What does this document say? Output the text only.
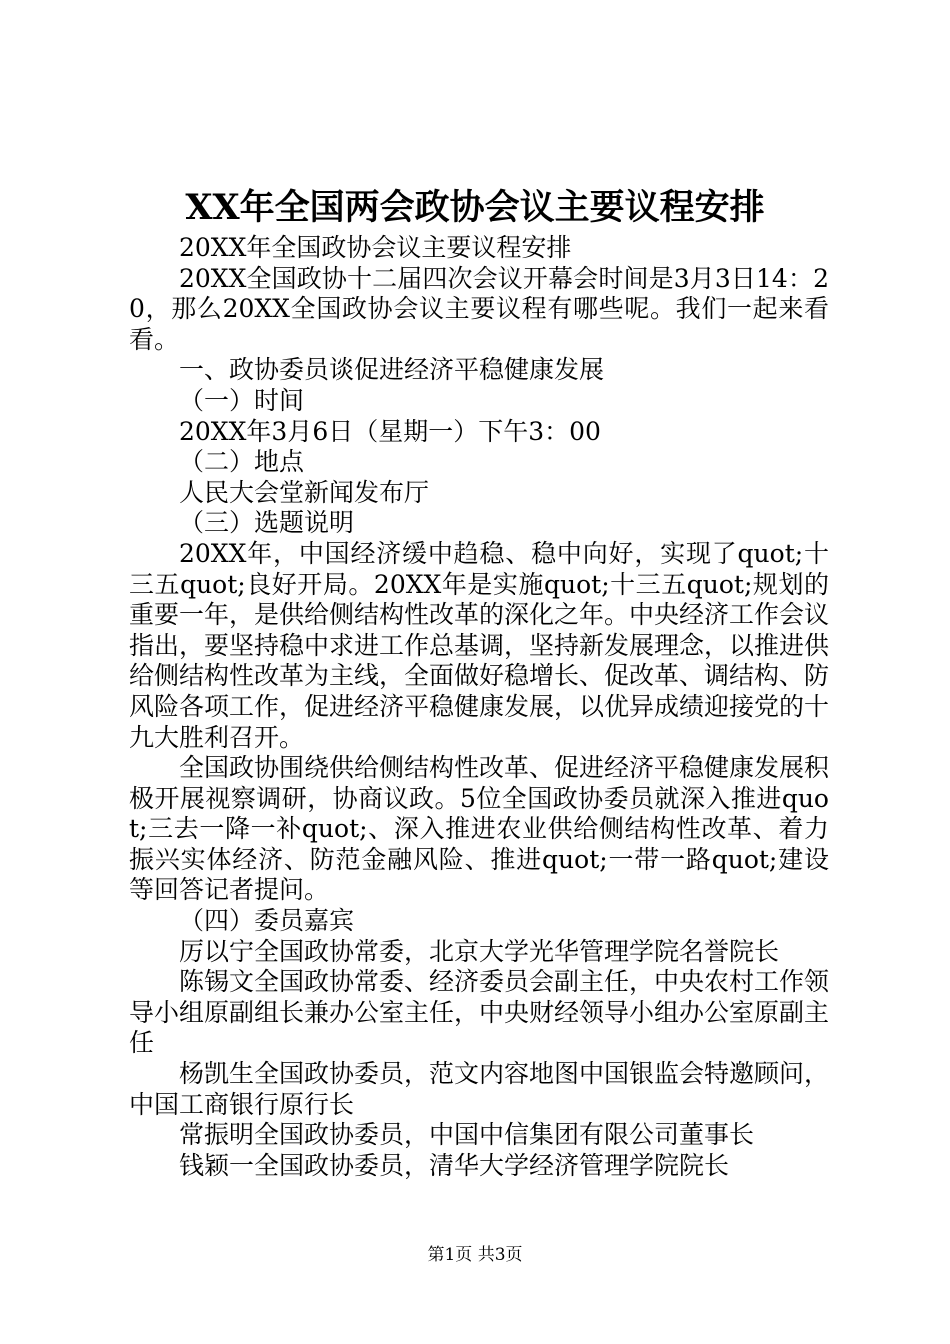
XX年全国两会政协会议主要议程安排

20XX年全国政协会议主要议程安排

20XX全国政协十二届四次会议开幕会时间是3月3日14：20，那么20XX全国政协会议主要议程有哪些呢。我们一起来看看。

一、政协委员谈促进经济平稳健康发展

（一）时间

20XX年3月6日（星期一）下午3：00

（二）地点

人民大会堂新闻发布厅

（三）选题说明

20XX年，中国经济缓中趋稳、稳中向好，实现了quot;十三五quot;良好开局。20XX年是实施quot;十三五quot;规划的重要一年，是供给侧结构性改革的深化之年。中央经济工作会议指出，要坚持稳中求进工作总基调，坚持新发展理念，以推进供给侧结构性改革为主线，全面做好稳增长、促改革、调结构、防风险各项工作，促进经济平稳健康发展，以优异成绩迎接党的十九大胜利召开。

全国政协围绕供给侧结构性改革、促进经济平稳健康发展积极开展视察调研，协商议政。5位全国政协委员就深入推进quot;三去一降一补quot;、深入推进农业供给侧结构性改革、着力振兴实体经济、防范金融风险、推进quot;一带一路quot;建设等回答记者提问。

（四）委员嘉宾

厉以宁全国政协常委，北京大学光华管理学院名誉院长

陈锡文全国政协常委、经济委员会副主任，中央农村工作领导小组原副组长兼办公室主任，中央财经领导小组办公室原副主任

杨凯生全国政协委员，范文内容地图中国银监会特邀顾问，中国工商银行原行长

常振明全国政协委员，中国中信集团有限公司董事长

钱颖一全国政协委员，清华大学经济管理学院院长

第1页 共3页
